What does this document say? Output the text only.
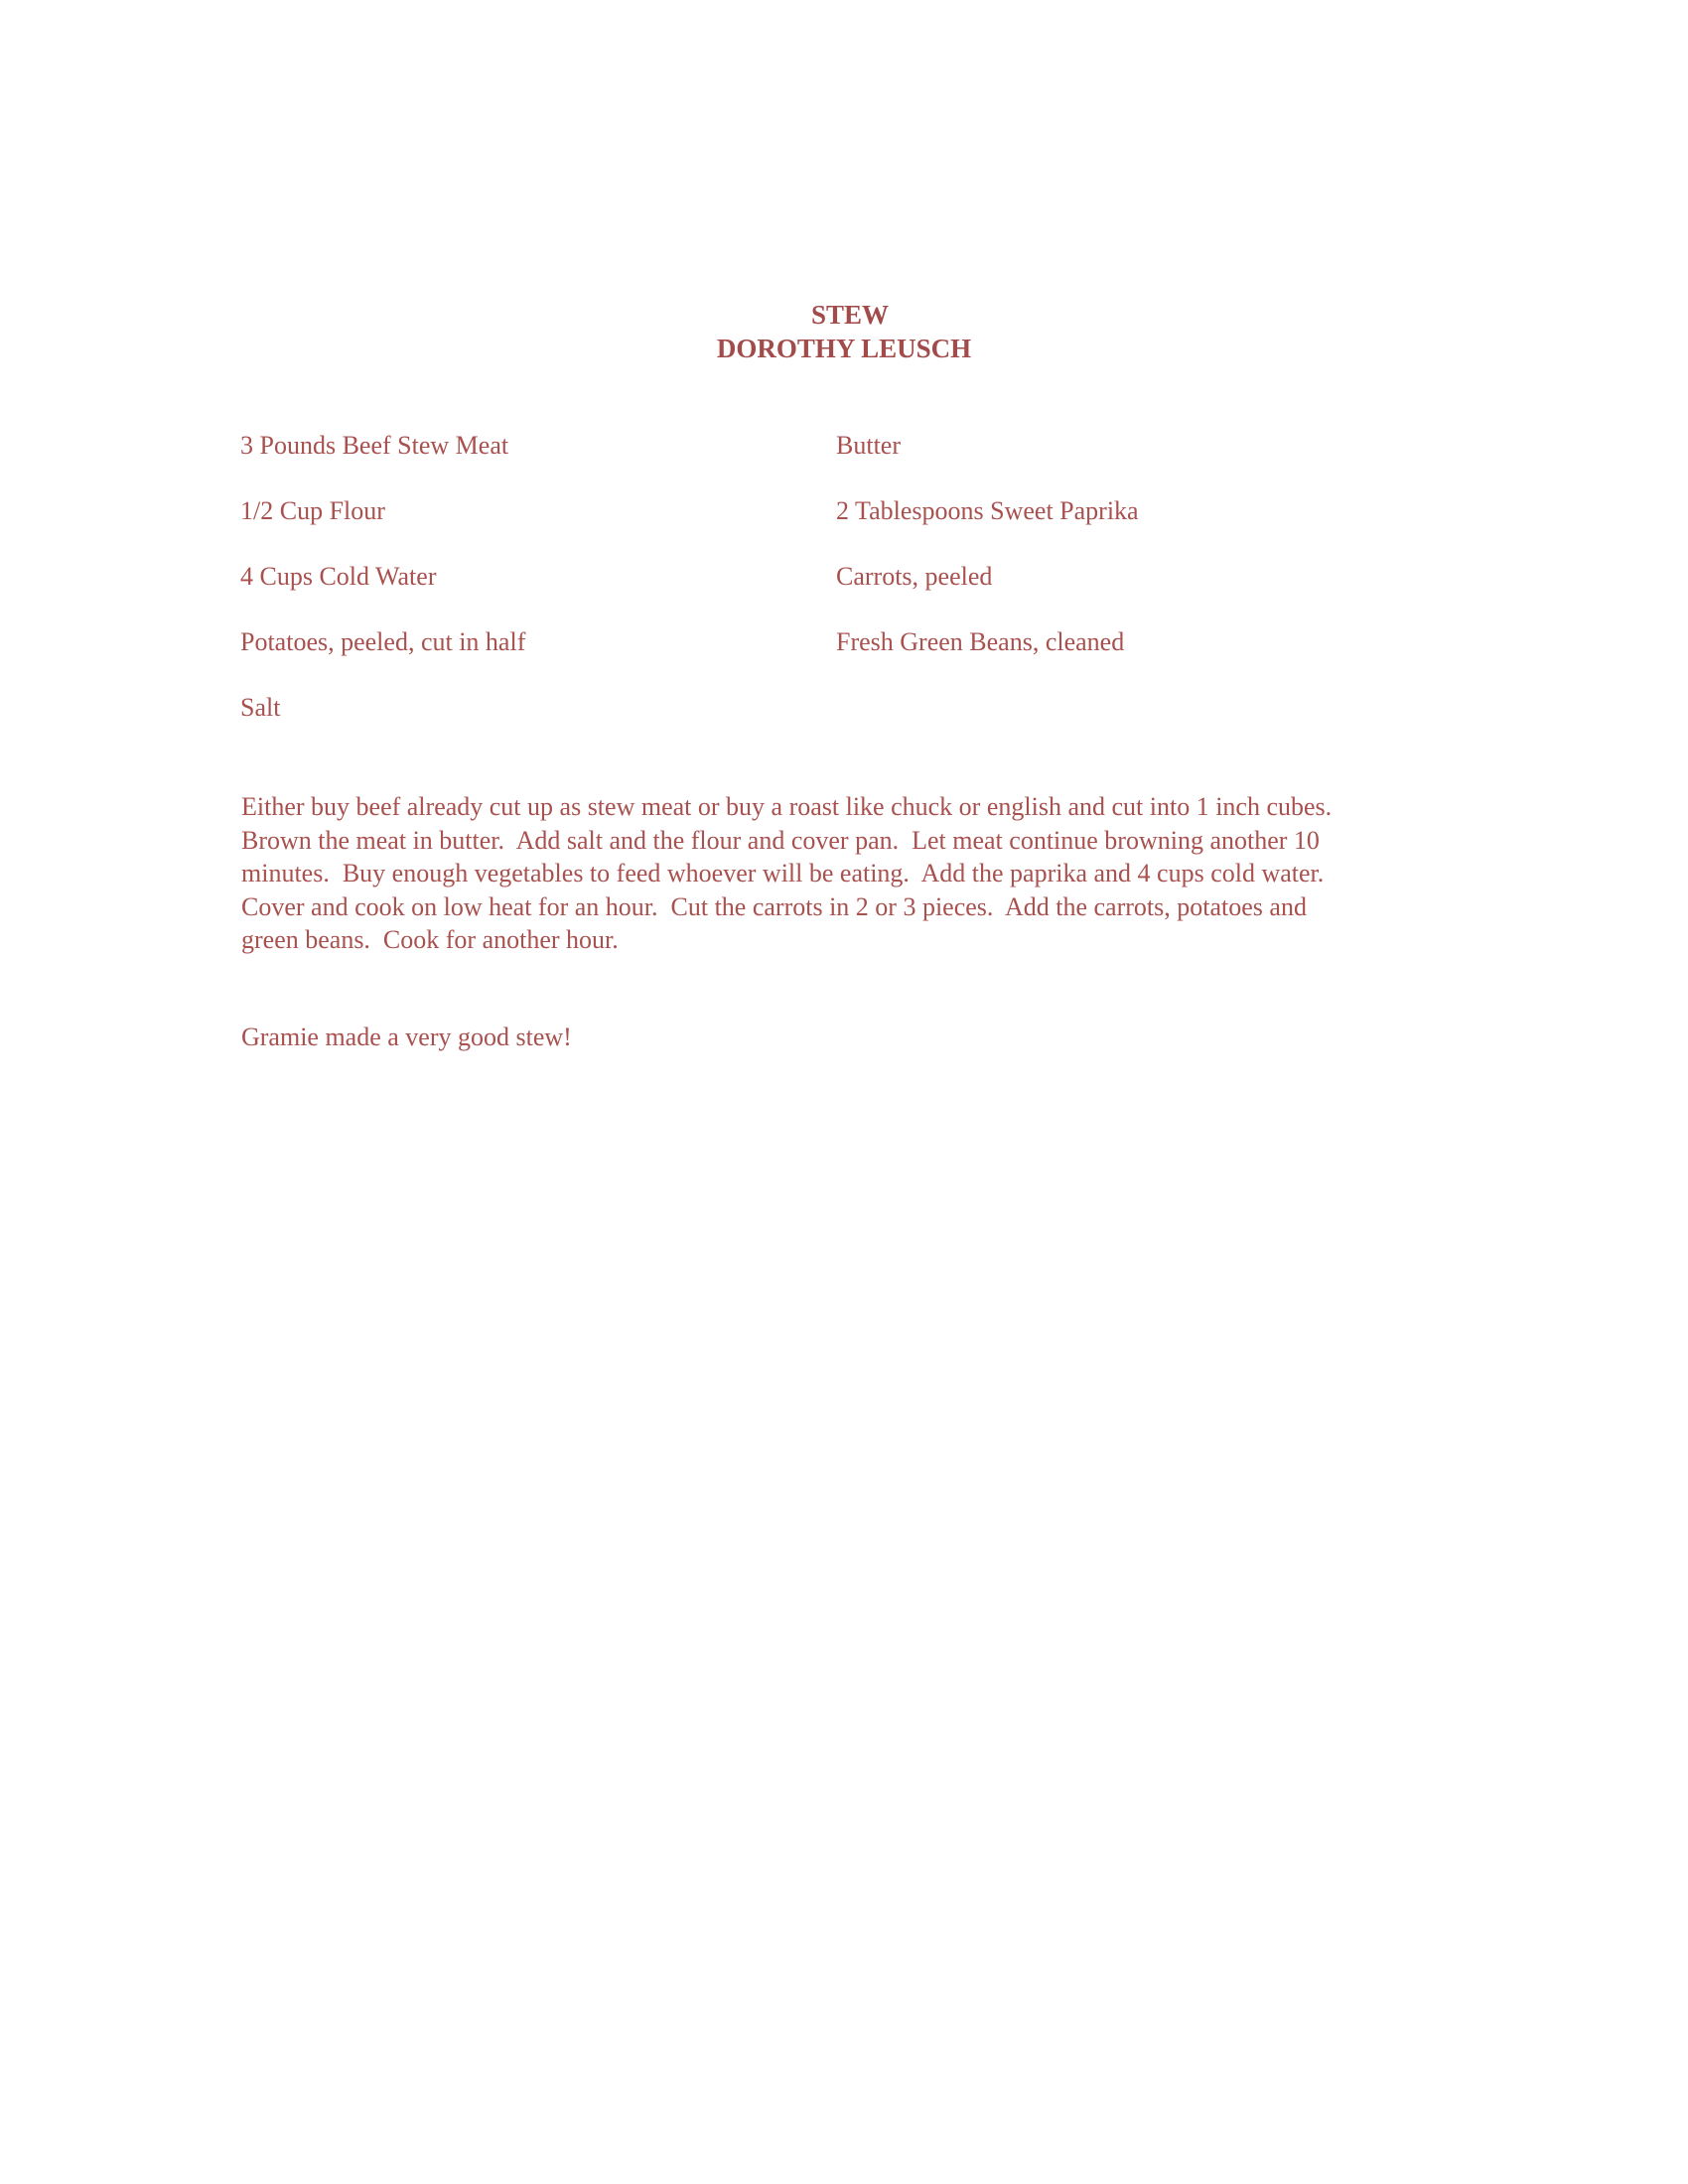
STEW
DOROTHY LEUSCH
3 Pounds Beef Stew Meat
1/2 Cup Flour
4 Cups Cold Water
Potatoes, peeled, cut in half
Salt
Butter
2 Tablespoons Sweet Paprika
Carrots, peeled
Fresh Green Beans, cleaned
Either buy beef already cut up as stew meat or buy a roast like chuck or english and cut into 1 inch cubes.
Brown the meat in butter.  Add salt and the flour and cover pan.  Let meat continue browning another 10
minutes.  Buy enough vegetables to feed whoever will be eating.  Add the paprika and 4 cups cold water.
Cover and cook on low heat for an hour.  Cut the carrots in 2 or 3 pieces.  Add the carrots, potatoes and
green beans.  Cook for another hour.
Gramie made a very good stew!
